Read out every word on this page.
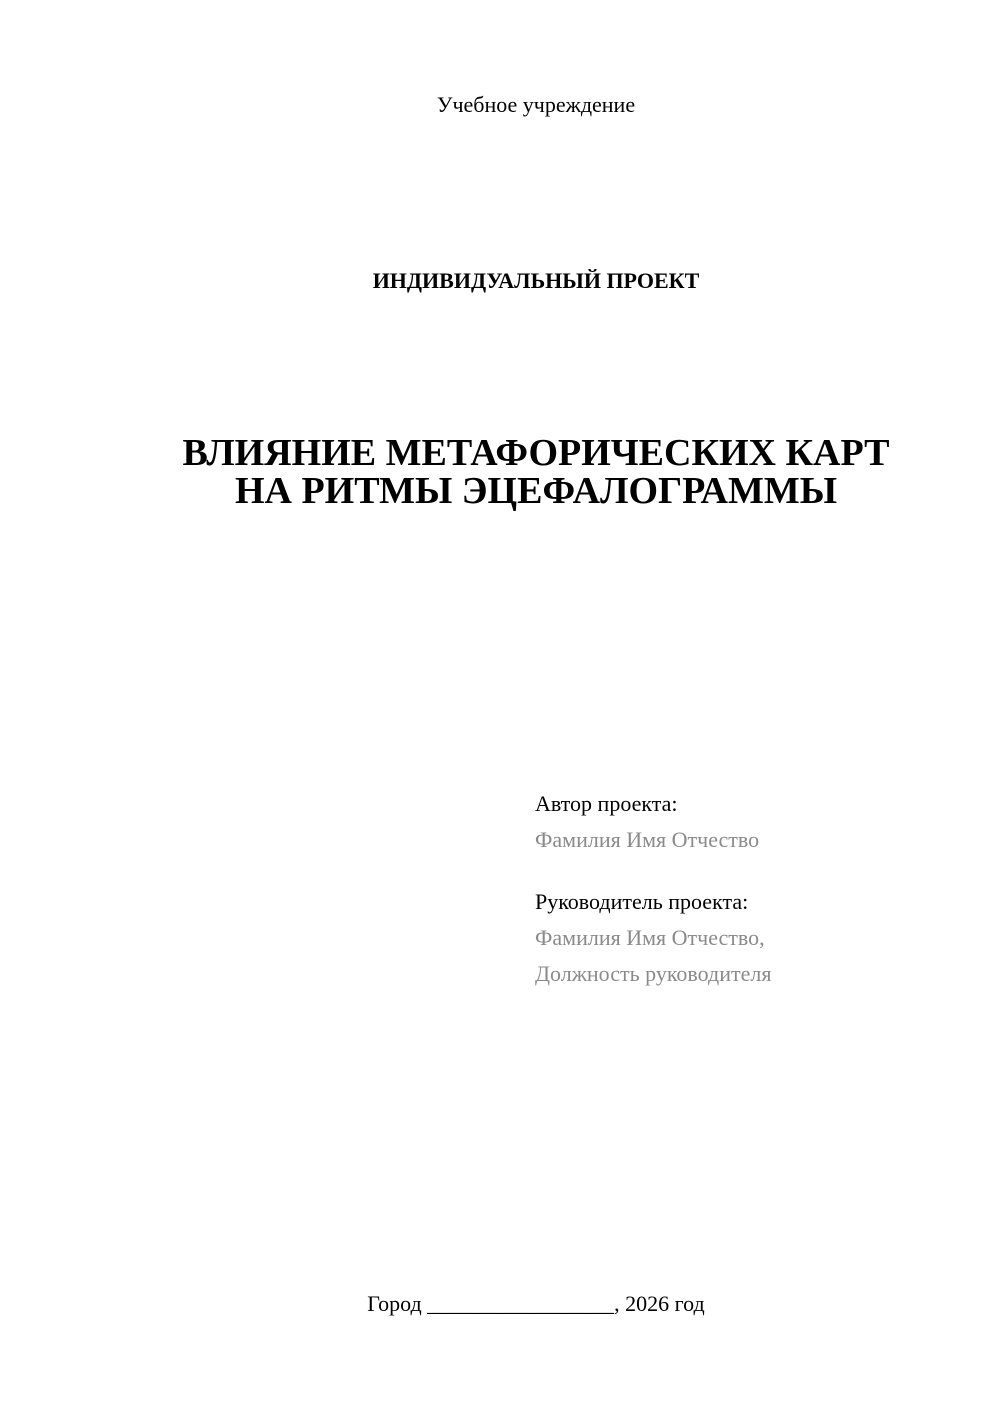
Учебное учреждение
ИНДИВИДУАЛЬНЫЙ ПРОЕКТ
ВЛИЯНИЕ МЕТАФОРИЧЕСКИХ КАРТ
НА РИТМЫ ЭЦЕФАЛОГРАММЫ
Автор проекта:
Фамилия Имя Отчество
Руководитель проекта:
Фамилия Имя Отчество,
Должность руководителя
Город _________________, 2026 год
